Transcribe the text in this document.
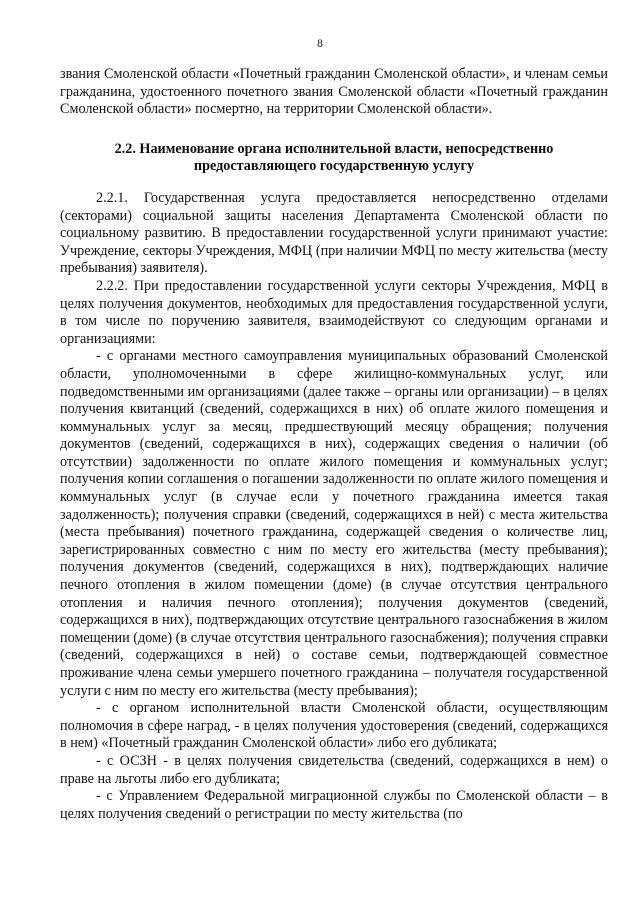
8

звания Смоленской области «Почетный гражданин Смоленской области», и членам семьи гражданина, удостоенного почетного звания Смоленской области «Почетный гражданин Смоленской области» посмертно, на территории Смоленской области».

2.2. Наименование органа исполнительной власти, непосредственно предоставляющего государственную услугу

2.2.1. Государственная услуга предоставляется непосредственно отделами (секторами) социальной защиты населения Департамента Смоленской области по социальному развитию. В предоставлении государственной услуги принимают участие: Учреждение, секторы Учреждения, МФЦ (при наличии МФЦ по месту жительства (месту пребывания) заявителя).

2.2.2. При предоставлении государственной услуги секторы Учреждения, МФЦ в целях получения документов, необходимых для предоставления государственной услуги, в том числе по поручению заявителя, взаимодействуют со следующим органами и организациями:

- с органами местного самоуправления муниципальных образований Смоленской области, уполномоченными в сфере жилищно-коммунальных услуг, или подведомственными им организациями (далее также – органы или организации) – в целях получения квитанций (сведений, содержащихся в них) об оплате жилого помещения и коммунальных услуг за месяц, предшествующий месяцу обращения; получения документов (сведений, содержащихся в них), содержащих сведения о наличии (об отсутствии) задолженности по оплате жилого помещения и коммунальных услуг; получения копии соглашения о погашении задолженности по оплате жилого помещения и коммунальных услуг (в случае если у почетного гражданина имеется такая задолженность); получения справки (сведений, содержащихся в ней) с места жительства (места пребывания) почетного гражданина, содержащей сведения о количестве лиц, зарегистрированных совместно с ним по месту его жительства (месту пребывания); получения документов (сведений, содержащихся в них), подтверждающих наличие печного отопления в жилом помещении (доме) (в случае отсутствия центрального отопления и наличия печного отопления); получения документов (сведений, содержащихся в них), подтверждающих отсутствие центрального газоснабжения в жилом помещении (доме) (в случае отсутствия центрального газоснабжения); получения справки (сведений, содержащихся в ней) о составе семьи, подтверждающей совместное проживание члена семьи умершего почетного гражданина – получателя государственной услуги с ним по месту его жительства (месту пребывания);

- с органом исполнительной власти Смоленской области, осуществляющим полномочия в сфере наград, - в целях получения удостоверения (сведений, содержащихся в нем) «Почетный гражданин Смоленской области» либо его дубликата;

- с ОСЗН - в целях получения свидетельства (сведений, содержащихся в нем) о праве на льготы либо его дубликата;

- с Управлением Федеральной миграционной службы по Смоленской области – в целях получения сведений о регистрации по месту жительства (по
